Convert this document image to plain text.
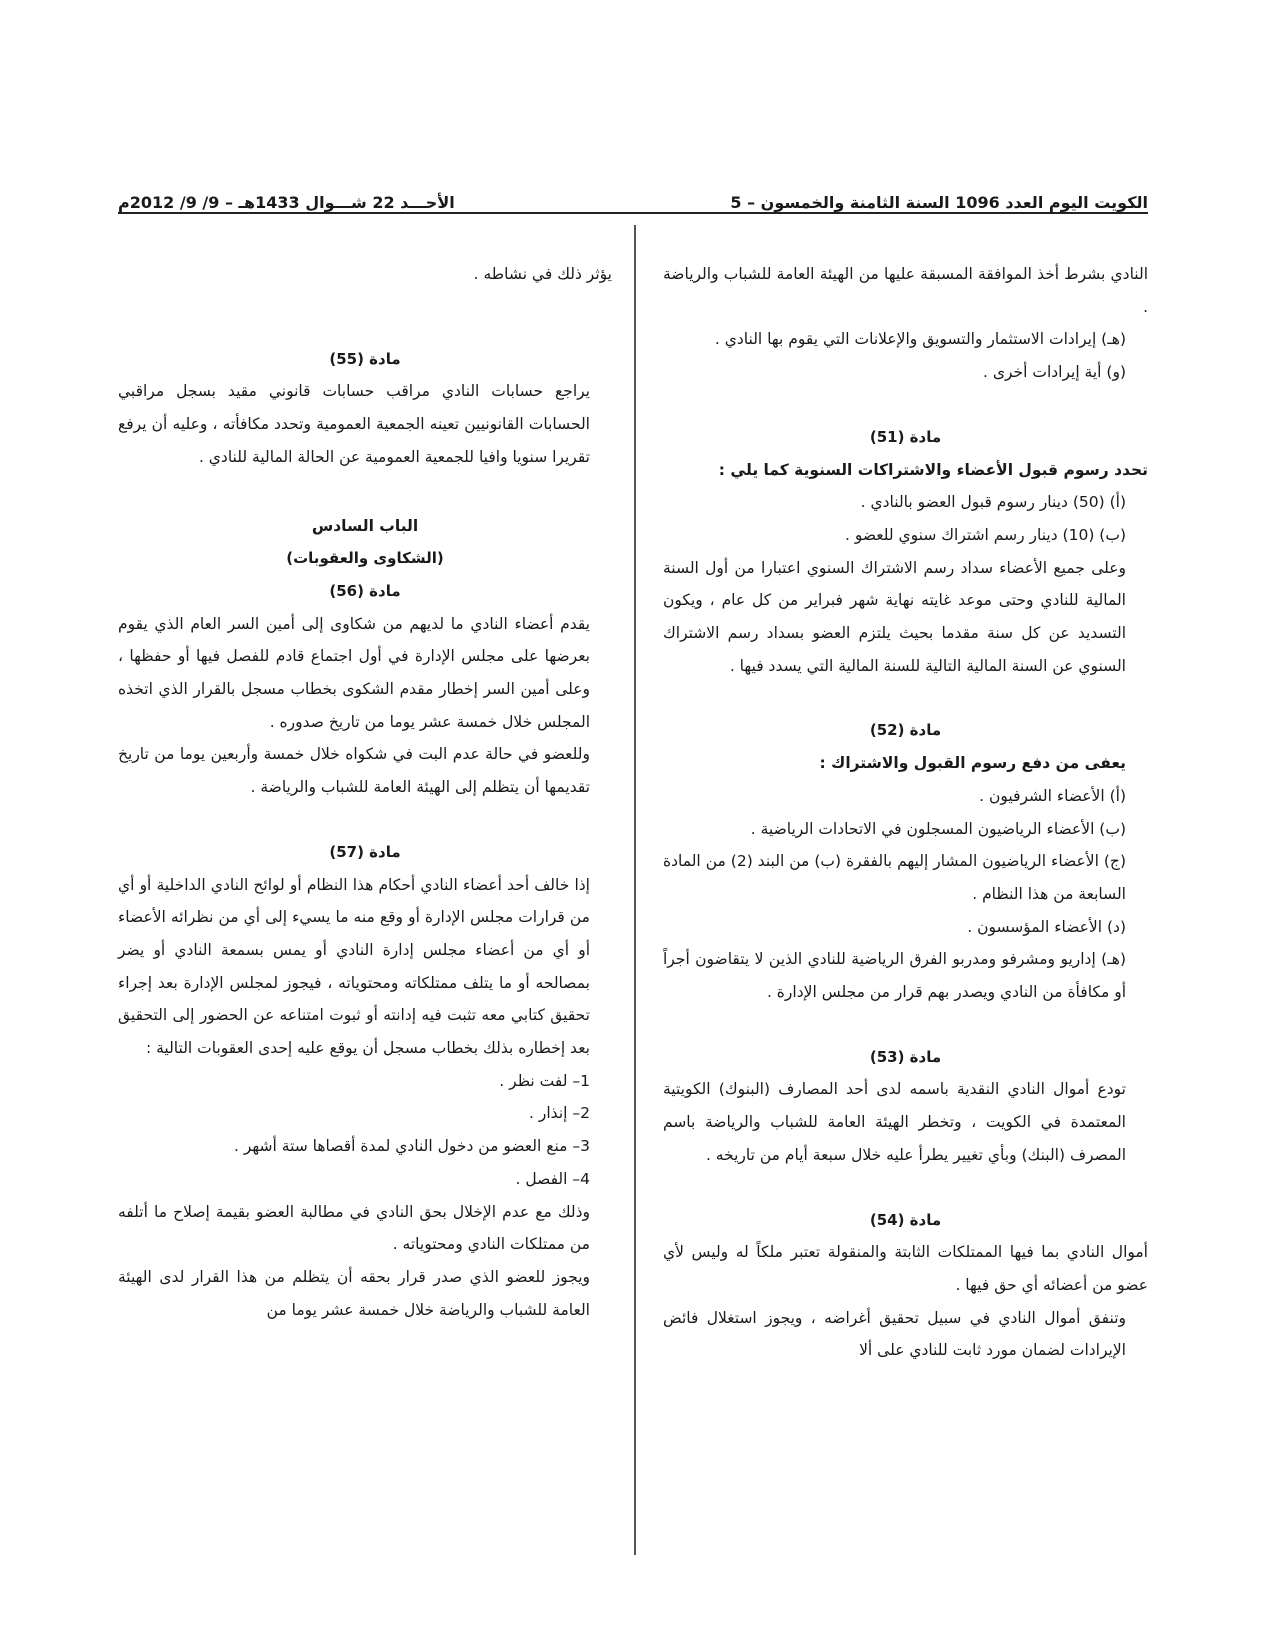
الكويت اليوم العدد 1096 السنة الثامنة والخمسون – 5
الأحـــد 22 شـــوال 1433هـ – 9/ 9/ 2012م

النادي بشرط أخذ الموافقة المسبقة عليها من الهيئة العامة للشباب والرياضة .

(هـ) إيرادات الاستثمار والتسويق والإعلانات التي يقوم بها النادي .

(و) أية إيرادات أخرى .

مادة (51)

تحدد رسوم قبول الأعضاء والاشتراكات السنوية كما يلي :

(أ) (50) دينار رسوم قبول العضو بالنادي .

(ب) (10) دينار رسم اشتراك سنوي للعضو .

وعلى جميع الأعضاء سداد رسم الاشتراك السنوي اعتبارا من أول السنة المالية للنادي وحتى موعد غايته نهاية شهر فبراير من كل عام ، ويكون التسديد عن كل سنة مقدما بحيث يلتزم العضو بسداد رسم الاشتراك السنوي عن السنة المالية التالية للسنة المالية التي يسدد فيها .

مادة (52)

يعفى من دفع رسوم القبول والاشتراك :

(أ) الأعضاء الشرفيون .

(ب) الأعضاء الرياضيون المسجلون في الاتحادات الرياضية .

(ج) الأعضاء الرياضيون المشار إليهم بالفقرة (ب) من البند (2) من المادة السابعة من هذا النظام .

(د) الأعضاء المؤسسون .

(هـ) إداريو ومشرفو ومدربو الفرق الرياضية للنادي الذين لا يتقاضون أجراً أو مكافأة من النادي ويصدر بهم قرار من مجلس الإدارة .

مادة (53)

تودع أموال النادي النقدية باسمه لدى أحد المصارف (البنوك) الكويتية المعتمدة في الكويت ، وتخطر الهيئة العامة للشباب والرياضة باسم المصرف (البنك) وبأي تغيير يطرأ عليه خلال سبعة أيام من تاريخه .

مادة (54)

أموال النادي بما فيها الممتلكات الثابتة والمنقولة تعتبر ملكاً له وليس لأي عضو من أعضائه أي حق فيها .

وتنفق أموال النادي في سبيل تحقيق أغراضه ، ويجوز استغلال فائض الإيرادات لضمان مورد ثابت للنادي على ألا

يؤثر ذلك في نشاطه .

مادة (55)

يراجع حسابات النادي مراقب حسابات قانوني مقيد بسجل مراقبي الحسابات القانونيين تعينه الجمعية العمومية وتحدد مكافأته ، وعليه أن يرفع تقريرا سنويا وافيا للجمعية العمومية عن الحالة المالية للنادي .

الباب السادس

(الشكاوى والعقوبات)

مادة (56)

يقدم أعضاء النادي ما لديهم من شكاوى إلى أمين السر العام الذي يقوم بعرضها على مجلس الإدارة في أول اجتماع قادم للفصل فيها أو حفظها ، وعلى أمين السر إخطار مقدم الشكوى بخطاب مسجل بالقرار الذي اتخذه المجلس خلال خمسة عشر يوما من تاريخ صدوره .

وللعضو في حالة عدم البت في شكواه خلال خمسة وأربعين يوما من تاريخ تقديمها أن يتظلم إلى الهيئة العامة للشباب والرياضة .

مادة (57)

إذا خالف أحد أعضاء النادي أحكام هذا النظام أو لوائح النادي الداخلية أو أي من قرارات مجلس الإدارة أو وقع منه ما يسيء إلى أي من نظرائه الأعضاء أو أي من أعضاء مجلس إدارة النادي أو يمس بسمعة النادي أو يضر بمصالحه أو ما يتلف ممتلكاته ومحتوياته ، فيجوز لمجلس الإدارة بعد إجراء تحقيق كتابي معه تثبت فيه إدانته أو ثبوت امتناعه عن الحضور إلى التحقيق بعد إخطاره بذلك بخطاب مسجل أن يوقع عليه إحدى العقوبات التالية :

1– لفت نظر .

2– إنذار .

3– منع العضو من دخول النادي لمدة أقصاها ستة أشهر .

4– الفصل .

وذلك مع عدم الإخلال بحق النادي في مطالبة العضو بقيمة إصلاح ما أتلفه من ممتلكات النادي ومحتوياته .

ويجوز للعضو الذي صدر قرار بحقه أن يتظلم من هذا القرار لدى الهيئة العامة للشباب والرياضة خلال خمسة عشر يوما من
